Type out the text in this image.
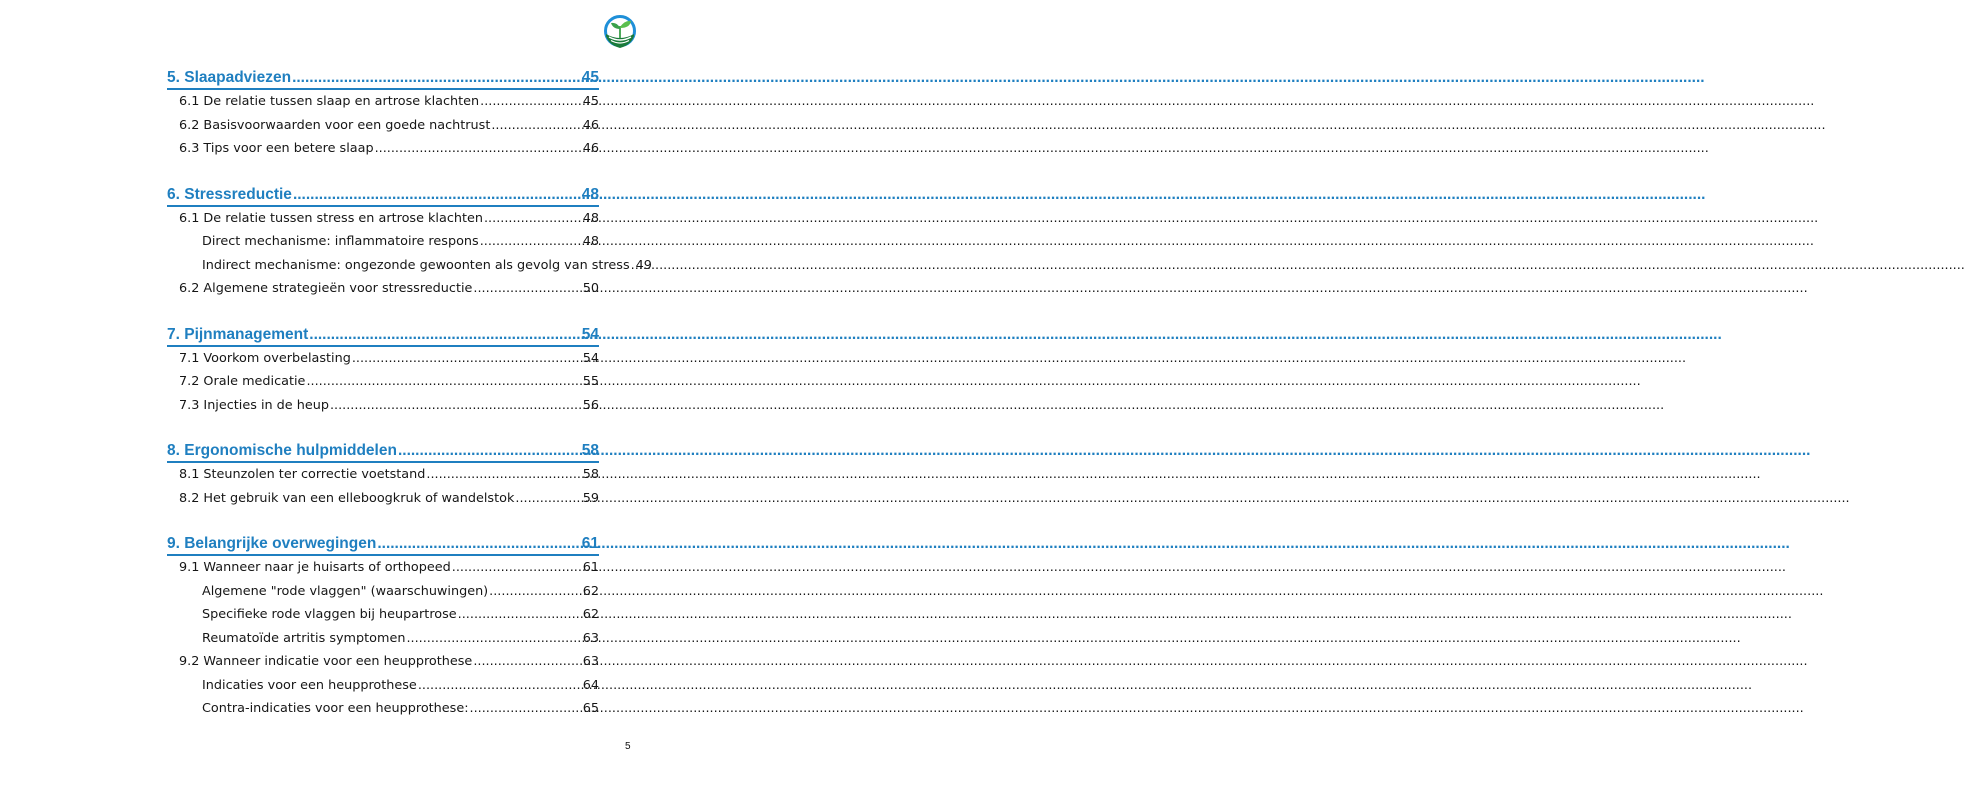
5. Slaapadviezen .....	45
6.1 De relatie tussen slaap en artrose klachten .....	45
6.2 Basisvoorwaarden voor een goede nachtrust .....	46
6.3 Tips voor een betere slaap .....	46
6. Stressreductie .....	48
6.1 De relatie tussen stress en artrose klachten .....	48
Direct mechanisme: inflammatoire respons .....	48
Indirect mechanisme: ongezonde gewoonten als gevolg van stress ..... 49
6.2 Algemene strategieën voor stressreductie .....	50
7. Pijnmanagement .....	54
7.1 Voorkom overbelasting .....	54
7.2 Orale medicatie .....	55
7.3 Injecties in de heup .....	56
8. Ergonomische hulpmiddelen .....	58
8.1 Steunzolen ter correctie voetstand .....	58
8.2 Het gebruik van een elleboogkruk of wandelstok .....	59
9. Belangrijke overwegingen .....	61
9.1 Wanneer naar je huisarts of orthopeed .....	61
Algemene "rode vlaggen" (waarschuwingen) .....	62
Specifieke rode vlaggen bij heupartrose .....	62
Reumatoïde artritis symptomen .....	63
9.2 Wanneer indicatie voor een heupprothese .....	63
Indicaties voor een heupprothese .....	64
Contra-indicaties voor een heupprothese: .....	65
5
